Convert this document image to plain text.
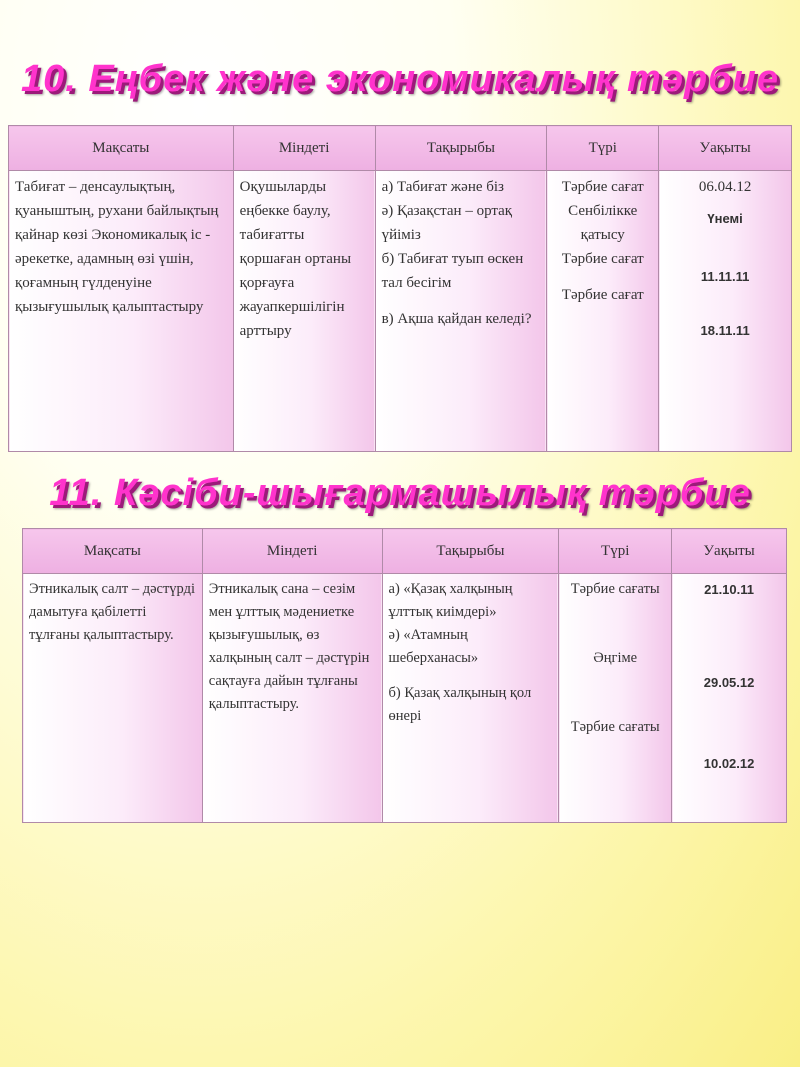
10. Еңбек және экономикалық тәрбие
Мақсаты	Міндеті	Тақырыбы	Түрі	Уақыты
Табиғат – денсаулықтың, қуаныштың, рухани байлықтың қайнар көзі Экономикалық іс - әрекетке, адамның өзі үшін, қоғамның гүлденуіне қызығушылық қалыптастыру	Оқушыларды еңбекке баулу, табиғатты қоршаған ортаны қорғауға жауапкершілігін арттыру	а) Табиғат және біз
ә) Қазақстан – ортақ үйіміз
б) Табиғат туып өскен тал бесігім
в) Ақша қайдан келеді?	Тәрбие сағат
Сенбілікке қатысу
Тәрбие сағат
Тәрбие сағат	06.04.12
Үнемі
11.11.11
18.11.11
11. Кәсіби-шығармашылық тәрбие
Мақсаты	Міндеті	Тақырыбы	Түрі	Уақыты
Этникалық салт – дәстүрді дамытуға қабілетті тұлғаны қалыптастыру.	Этникалық сана – сезім мен ұлттық мәдениетке қызығушылық, өз халқының салт – дәстүрін сақтауға дайын тұлғаны қалыптастыру.	а) «Қазақ халқының ұлттық киімдері»
ә) «Атамның шеберханасы»
б) Қазақ халқының қол өнері	Тәрбие сағаты
Әңгіме
Тәрбие сағаты	21.10.11
29.05.12
10.02.12
